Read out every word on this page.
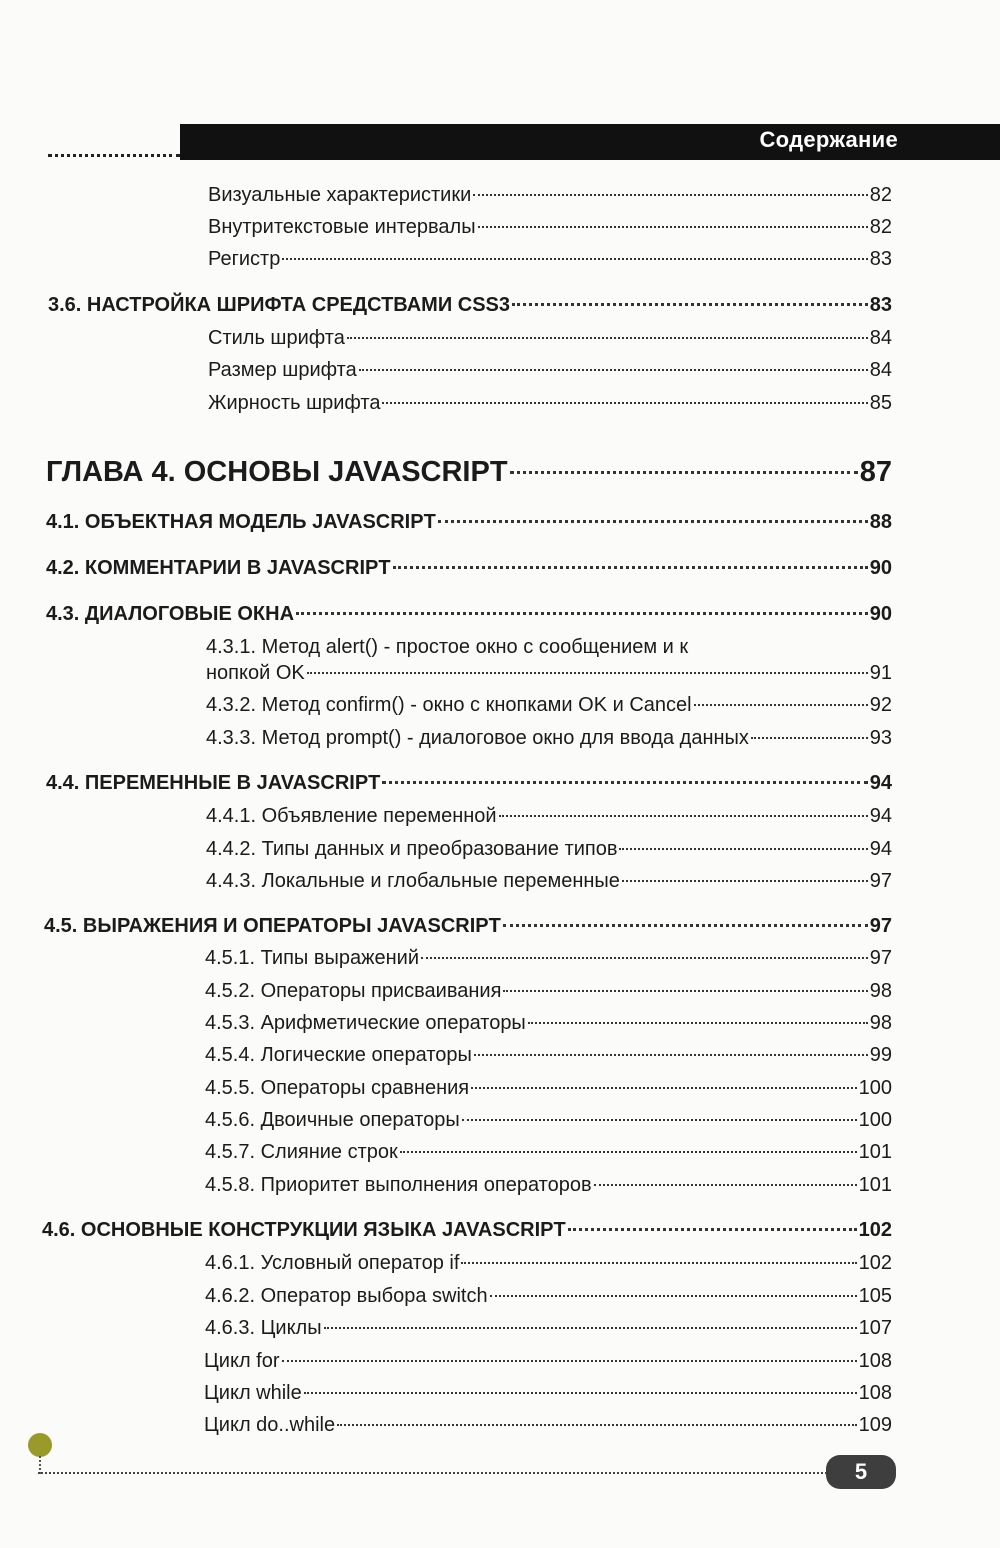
Содержание
Визуальные характеристики	82
Внутритекстовые интервалы	82
Регистр	83
3.6. НАСТРОЙКА ШРИФТА СРЕДСТВАМИ CSS3	83
Стиль шрифта	84
Размер шрифта	84
Жирность шрифта	85
ГЛАВА 4. ОСНОВЫ JAVASCRIPT	87
4.1. ОБЪЕКТНАЯ МОДЕЛЬ JAVASCRIPT	88
4.2. КОММЕНТАРИИ В JAVASCRIPT	90
4.3. ДИАЛОГОВЫЕ ОКНА	90
4.3.1. Метод alert() - простое окно с сообщением и к
нопкой OK	91
4.3.2. Метод confirm() - окно с кнопками OK и Cancel	92
4.3.3. Метод prompt() - диалоговое окно для ввода данных	93
4.4. ПЕРЕМЕННЫЕ В JAVASCRIPT	94
4.4.1. Объявление переменной	94
4.4.2. Типы данных и преобразование типов	94
4.4.3. Локальные и глобальные переменные	97
4.5. ВЫРАЖЕНИЯ И ОПЕРАТОРЫ JAVASCRIPT	97
4.5.1. Типы выражений	97
4.5.2. Операторы присваивания	98
4.5.3. Арифметические операторы	98
4.5.4. Логические операторы	99
4.5.5. Операторы сравнения	100
4.5.6. Двоичные операторы	100
4.5.7. Слияние строк	101
4.5.8. Приоритет выполнения операторов	101
4.6. ОСНОВНЫЕ КОНСТРУКЦИИ ЯЗЫКА JAVASCRIPT	102
4.6.1. Условный оператор if	102
4.6.2. Оператор выбора switch	105
4.6.3. Циклы	107
Цикл for	108
Цикл while	108
Цикл do..while	109
5
